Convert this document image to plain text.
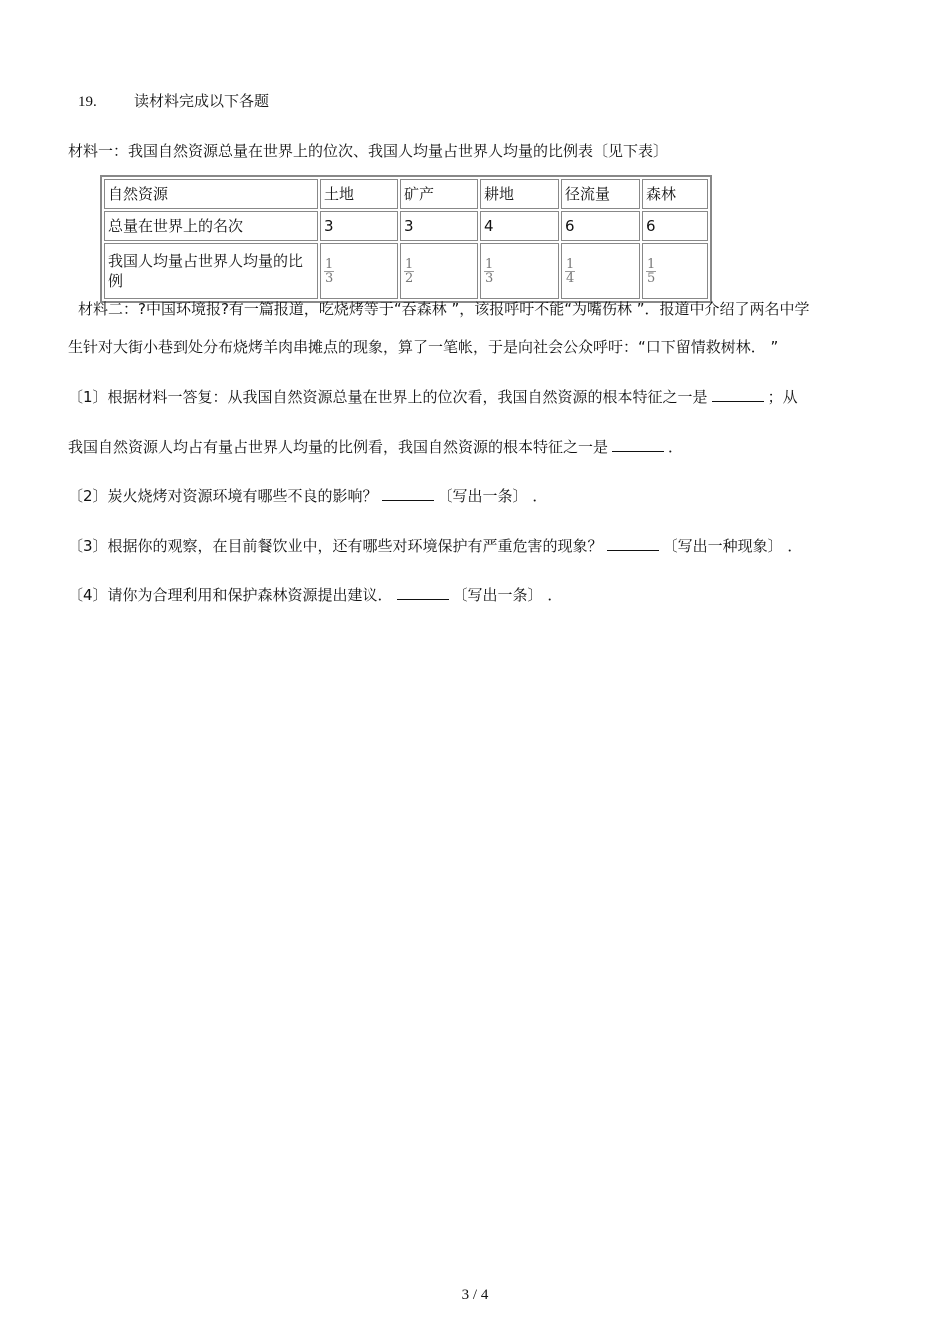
19. 读材料完成以下各题
材料一：我国自然资源总量在世界上的位次、我国人均量占世界人均量的比例表〔见下表〕
自然资源	土地	矿产	耕地	径流量	森林
总量在世界上的名次	3	3	4	6	6
我国人均量占世界人均量的比例	$\frac{1}{3}$	$\frac{1}{2}$	$\frac{1}{3}$	$\frac{1}{4}$	$\frac{1}{5}$
材料二：?中国环境报?有一篇报道，吃烧烤等于“吞森林 ”，该报呼吁不能“为嘴伤林 ”．报道中介绍了两名中学
生针对大街小巷到处分布烧烤羊肉串摊点的现象，算了一笔帐，于是向社会公众呼吁：“口下留情救树林． ”
〔1〕根据材料一答复：从我国自然资源总量在世界上的位次看，我国自然资源的根本特征之一是	；从
我国自然资源人均占有量占世界人均量的比例看，我国自然资源的根本特征之一是	．
〔2〕炭火烧烤对资源环境有哪些不良的影响？	〔写出一条〕 ．
〔3〕根据你的观察，在目前餐饮业中，还有哪些对环境保护有严重危害的现象？	〔写出一种现象〕 ．
〔4〕请你为合理利用和保护森林资源提出建议．	〔写出一条〕 ．
3 / 4
